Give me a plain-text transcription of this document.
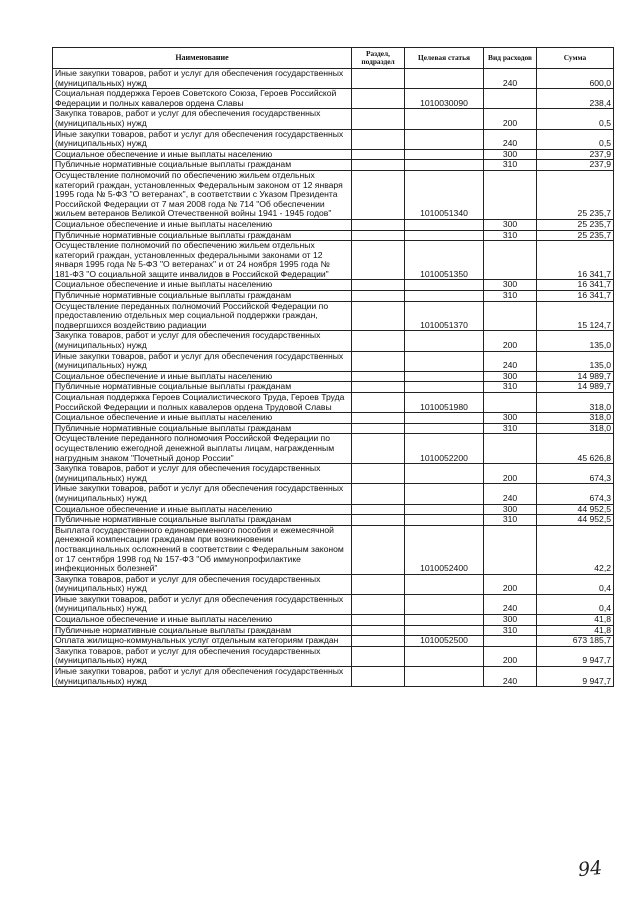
Наименование	Раздел, подраздел	Целевая статья	Вид расходов	Сумма
Иные закупки товаров, работ и услуг для обеспечения государственных (муниципальных) нужд			240	600,0
Социальная поддержка Героев Советского Союза, Героев Российской Федерации и полных кавалеров ордена Славы		1010030090		238,4
Закупка товаров, работ и услуг для обеспечения государственных (муниципальных) нужд			200	0,5
Иные закупки товаров, работ и услуг для обеспечения государственных (муниципальных) нужд			240	0,5
Социальное обеспечение и иные выплаты населению			300	237,9
Публичные нормативные социальные выплаты гражданам			310	237,9
Осуществление полномочий по обеспечению жильем отдельных категорий граждан, установленных Федеральным законом от 12 января 1995 года № 5-ФЗ "О ветеранах", в соответствии с Указом Президента Российской Федерации от 7 мая 2008 года № 714 "Об обеспечении жильем ветеранов Великой Отечественной войны 1941 - 1945 годов"		1010051340		25 235,7
Социальное обеспечение и иные выплаты населению			300	25 235,7
Публичные нормативные социальные выплаты гражданам			310	25 235,7
Осуществление полномочий по обеспечению жильем отдельных категорий граждан, установленных федеральными законами от 12 января 1995 года № 5-ФЗ "О ветеранах" и от 24 ноября 1995 года № 181-ФЗ "О социальной защите инвалидов в Российской Федерации"		1010051350		16 341,7
Социальное обеспечение и иные выплаты населению			300	16 341,7
Публичные нормативные социальные выплаты гражданам			310	16 341,7
Осуществление переданных полномочий Российской Федерации по предоставлению отдельных мер социальной поддержки граждан, подвергшихся воздействию радиации		1010051370		15 124,7
Закупка товаров, работ и услуг для обеспечения государственных (муниципальных) нужд			200	135,0
Иные закупки товаров, работ и услуг для обеспечения государственных (муниципальных) нужд			240	135,0
Социальное обеспечение и иные выплаты населению			300	14 989,7
Публичные нормативные социальные выплаты гражданам			310	14 989,7
Социальная поддержка Героев Социалистического Труда, Героев Труда Российской Федерации и полных кавалеров ордена Трудовой Славы		1010051980		318,0
Социальное обеспечение и иные выплаты населению			300	318,0
Публичные нормативные социальные выплаты гражданам			310	318,0
Осуществление переданного полномочия Российской Федерации по осуществлению ежегодной денежной выплаты лицам, награжденным нагрудным знаком "Почетный донор России"		1010052200		45 626,8
Закупка товаров, работ и услуг для обеспечения государственных (муниципальных) нужд			200	674,3
Иные закупки товаров, работ и услуг для обеспечения государственных (муниципальных) нужд			240	674,3
Социальное обеспечение и иные выплаты населению			300	44 952,5
Публичные нормативные социальные выплаты гражданам			310	44 952,5
Выплата государственного единовременного пособия и ежемесячной денежной компенсации гражданам при возникновении поствакцинальных осложнений в соответствии с Федеральным законом от 17 сентября 1998 год № 157-ФЗ "Об иммунопрофилактике инфекционных болезней"		1010052400		42,2
Закупка товаров, работ и услуг для обеспечения государственных (муниципальных) нужд			200	0,4
Иные закупки товаров, работ и услуг для обеспечения государственных (муниципальных) нужд			240	0,4
Социальное обеспечение и иные выплаты населению			300	41,8
Публичные нормативные социальные выплаты гражданам			310	41,8
Оплата жилищно-коммунальных услуг отдельным категориям граждан		1010052500		673 185,7
Закупка товаров, работ и услуг для обеспечения государственных (муниципальных) нужд			200	9 947,7
Иные закупки товаров, работ и услуг для обеспечения государственных (муниципальных) нужд			240	9 947,7
94
